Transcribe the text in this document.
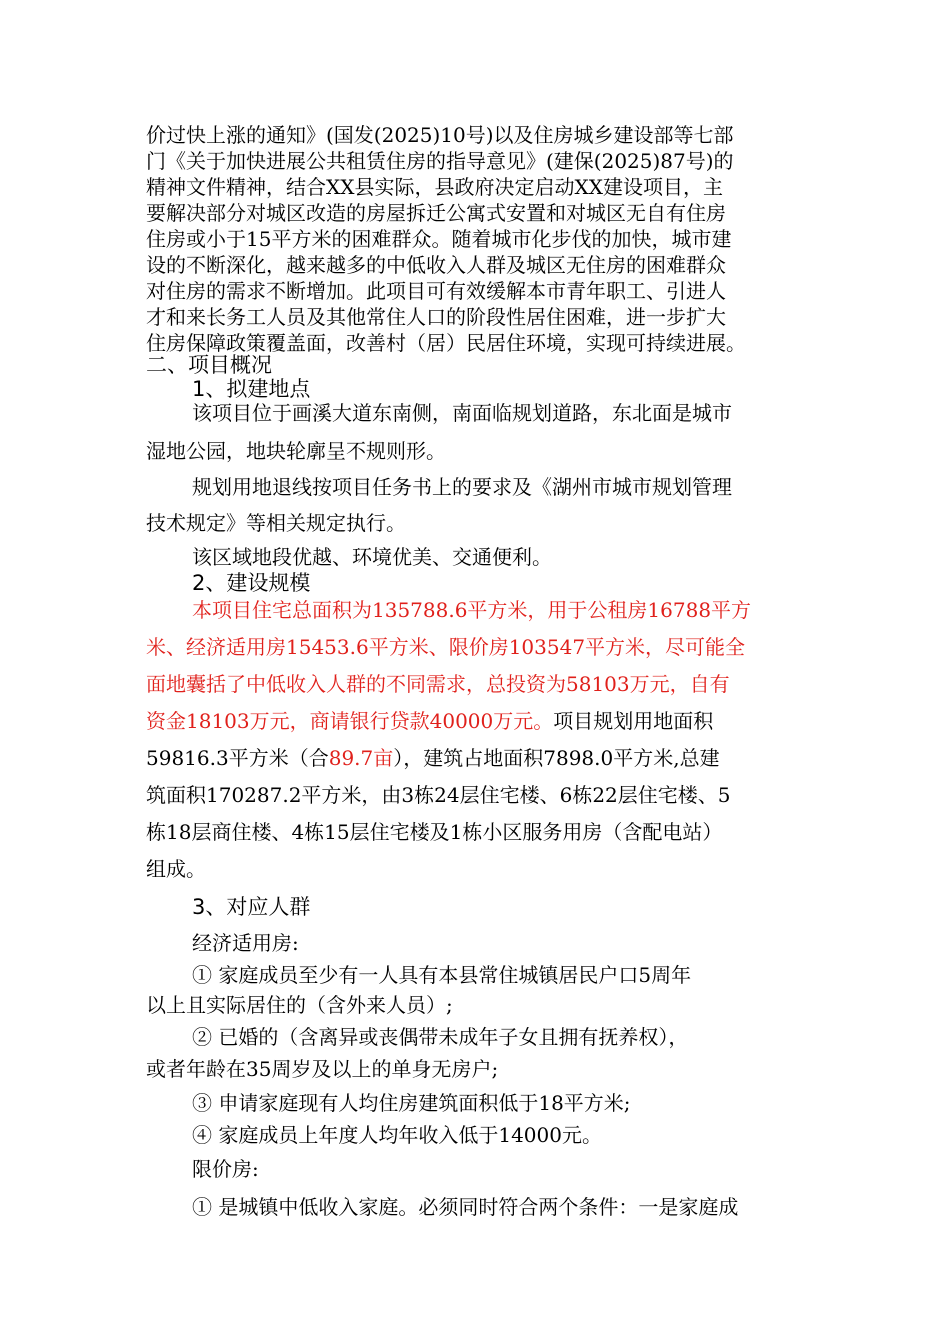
价过快上涨的通知》(国发(2025)10号)以及住房城乡建设部等七部
门《关于加快进展公共租赁住房的指导意见》(建保(2025)87号)的
精神文件精神，结合XX县实际，县政府决定启动XX建设项目，主
要解决部分对城区改造的房屋拆迁公寓式安置和对城区无自有住房
住房或小于15平方米的困难群众。随着城市化步伐的加快，城市建
设的不断深化，越来越多的中低收入人群及城区无住房的困难群众
对住房的需求不断增加。此项目可有效缓解本市青年职工、引进人
才和来长务工人员及其他常住人口的阶段性居住困难，进一步扩大
住房保障政策覆盖面，改善村（居）民居住环境，实现可持续进展。
二、项目概况
1、拟建地点
该项目位于画溪大道东南侧，南面临规划道路，东北面是城市
湿地公园，地块轮廓呈不规则形。
规划用地退线按项目任务书上的要求及《湖州市城市规划管理
技术规定》等相关规定执行。
该区域地段优越、环境优美、交通便利。
2、建设规模
本项目住宅总面积为135788.6平方米，用于公租房16788平方
米、经济适用房15453.6平方米、限价房103547平方米，尽可能全
面地囊括了中低收入人群的不同需求，总投资为58103万元，自有
资金18103万元，商请银行贷款40000万元。项目规划用地面积
59816.3平方米（合89.7亩），建筑占地面积7898.0平方米,总建
筑面积170287.2平方米，由3栋24层住宅楼、6栋22层住宅楼、5
栋18层商住楼、4栋15层住宅楼及1栋小区服务用房（含配电站）
组成。
3、对应人群
经济适用房:
① 家庭成员至少有一人具有本县常住城镇居民户口5周年
以上且实际居住的（含外来人员）;
② 已婚的（含离异或丧偶带未成年子女且拥有抚养权），
或者年龄在35周岁及以上的单身无房户;
③ 申请家庭现有人均住房建筑面积低于18平方米;
④ 家庭成员上年度人均年收入低于14000元。
限价房:
① 是城镇中低收入家庭。必须同时符合两个条件：一是家庭成
